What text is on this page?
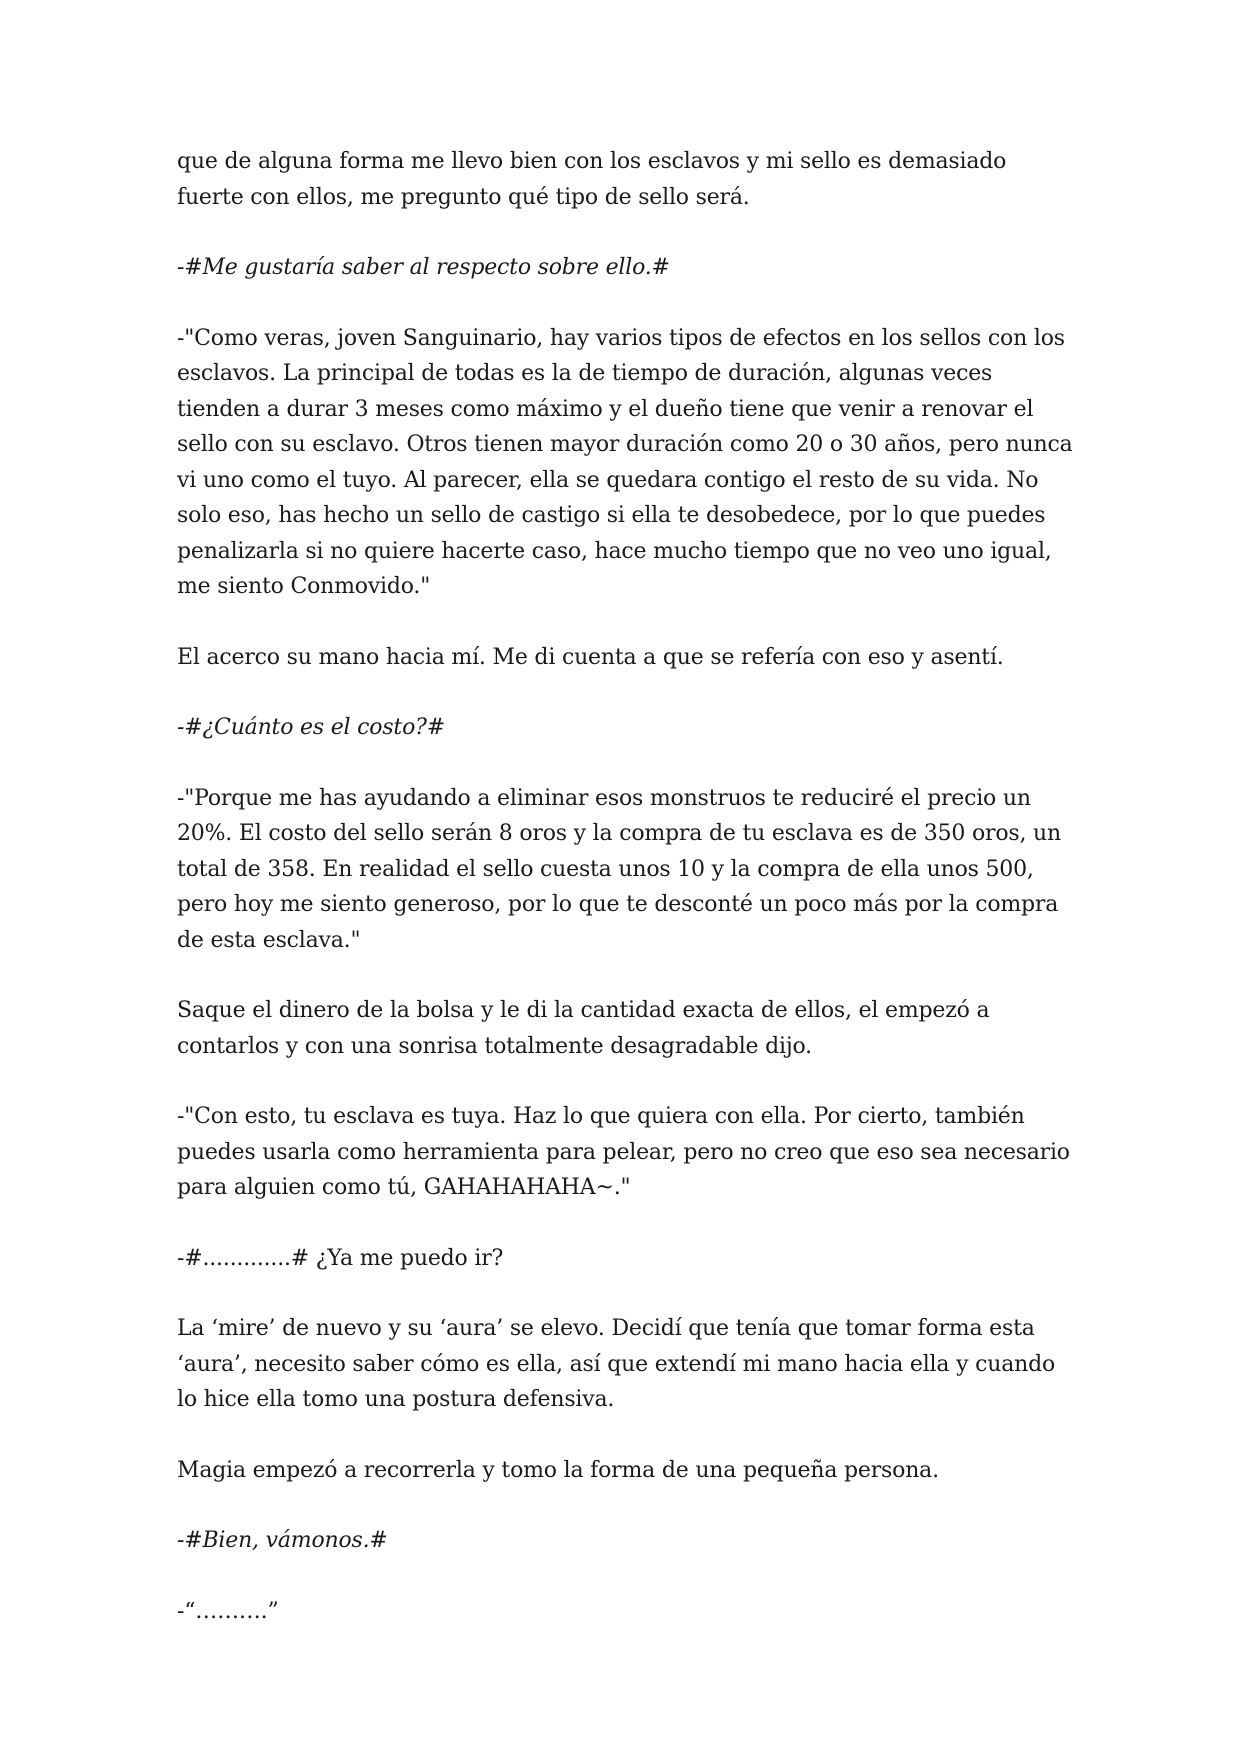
que de alguna forma me llevo bien con los esclavos y mi sello es demasiado fuerte con ellos, me pregunto qué tipo de sello será.

-#Me gustaría saber al respecto sobre ello.#

-"Como veras, joven Sanguinario, hay varios tipos de efectos en los sellos con los esclavos. La principal de todas es la de tiempo de duración, algunas veces tienden a durar 3 meses como máximo y el dueño tiene que venir a renovar el sello con su esclavo. Otros tienen mayor duración como 20 o 30 años, pero nunca vi uno como el tuyo. Al parecer, ella se quedara contigo el resto de su vida. No solo eso, has hecho un sello de castigo si ella te desobedece, por lo que puedes penalizarla si no quiere hacerte caso, hace mucho tiempo que no veo uno igual, me siento Conmovido."

El acerco su mano hacia mí. Me di cuenta a que se refería con eso y asentí.

-#¿Cuánto es el costo?#

-"Porque me has ayudando a eliminar esos monstruos te reduciré el precio un 20%. El costo del sello serán 8 oros y la compra de tu esclava es de 350 oros, un total de 358. En realidad el sello cuesta unos 10 y la compra de ella unos 500, pero hoy me siento generoso, por lo que te desconté un poco más por la compra de esta esclava."

Saque el dinero de la bolsa y le di la cantidad exacta de ellos, el empezó a contarlos y con una sonrisa totalmente desagradable dijo.

-"Con esto, tu esclava es tuya. Haz lo que quiera con ella. Por cierto, también puedes usarla como herramienta para pelear, pero no creo que eso sea necesario para alguien como tú, GAHAHAHAHA~."

-#.............# ¿Ya me puedo ir?

La ‘mire’ de nuevo y su ‘aura’ se elevo. Decidí que tenía que tomar forma esta ‘aura’, necesito saber cómo es ella, así que extendí mi mano hacia ella y cuando lo hice ella tomo una postura defensiva.

Magia empezó a recorrerla y tomo la forma de una pequeña persona.

-#Bien, vámonos.#

-“……….”
